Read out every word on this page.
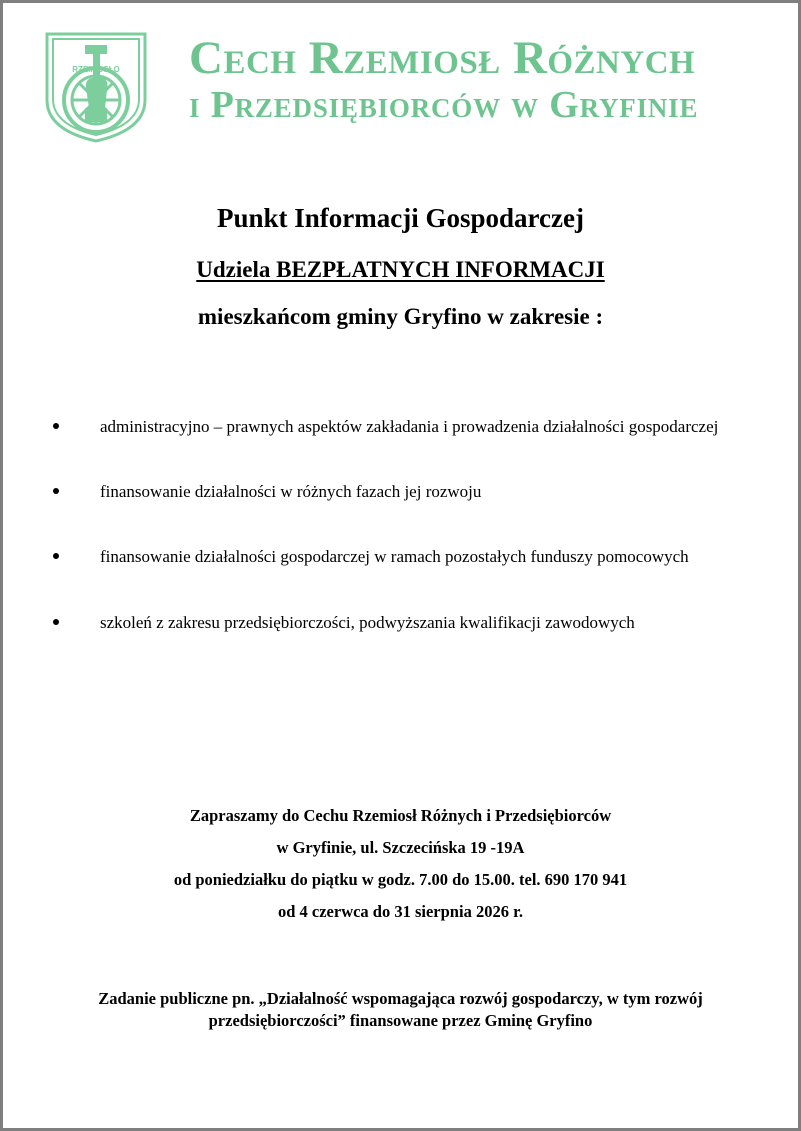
RZEMIOSŁO Cech Rzemiosł Różnych
i Przedsiębiorców w Gryfinie
Punkt Informacji Gospodarczej
Udziela BEZPŁATNYCH INFORMACJI
mieszkańcom gminy Gryfino w zakresie :
administracyjno – prawnych aspektów zakładania i prowadzenia działalności gospodarczej
finansowanie działalności w różnych fazach jej rozwoju
finansowanie działalności gospodarczej w ramach pozostałych funduszy pomocowych
szkoleń z zakresu przedsiębiorczości, podwyższania kwalifikacji zawodowych
Zapraszamy do Cechu Rzemiosł Różnych i Przedsiębiorców
w Gryfinie, ul. Szczecińska 19 -19A
od poniedziałku do piątku w godz. 7.00 do 15.00. tel. 690 170 941
od 4 czerwca do 31 sierpnia 2026 r.
Zadanie publiczne pn. „Działalność wspomagająca rozwój gospodarczy, w tym rozwój
przedsiębiorczości” finansowane przez Gminę Gryfino
